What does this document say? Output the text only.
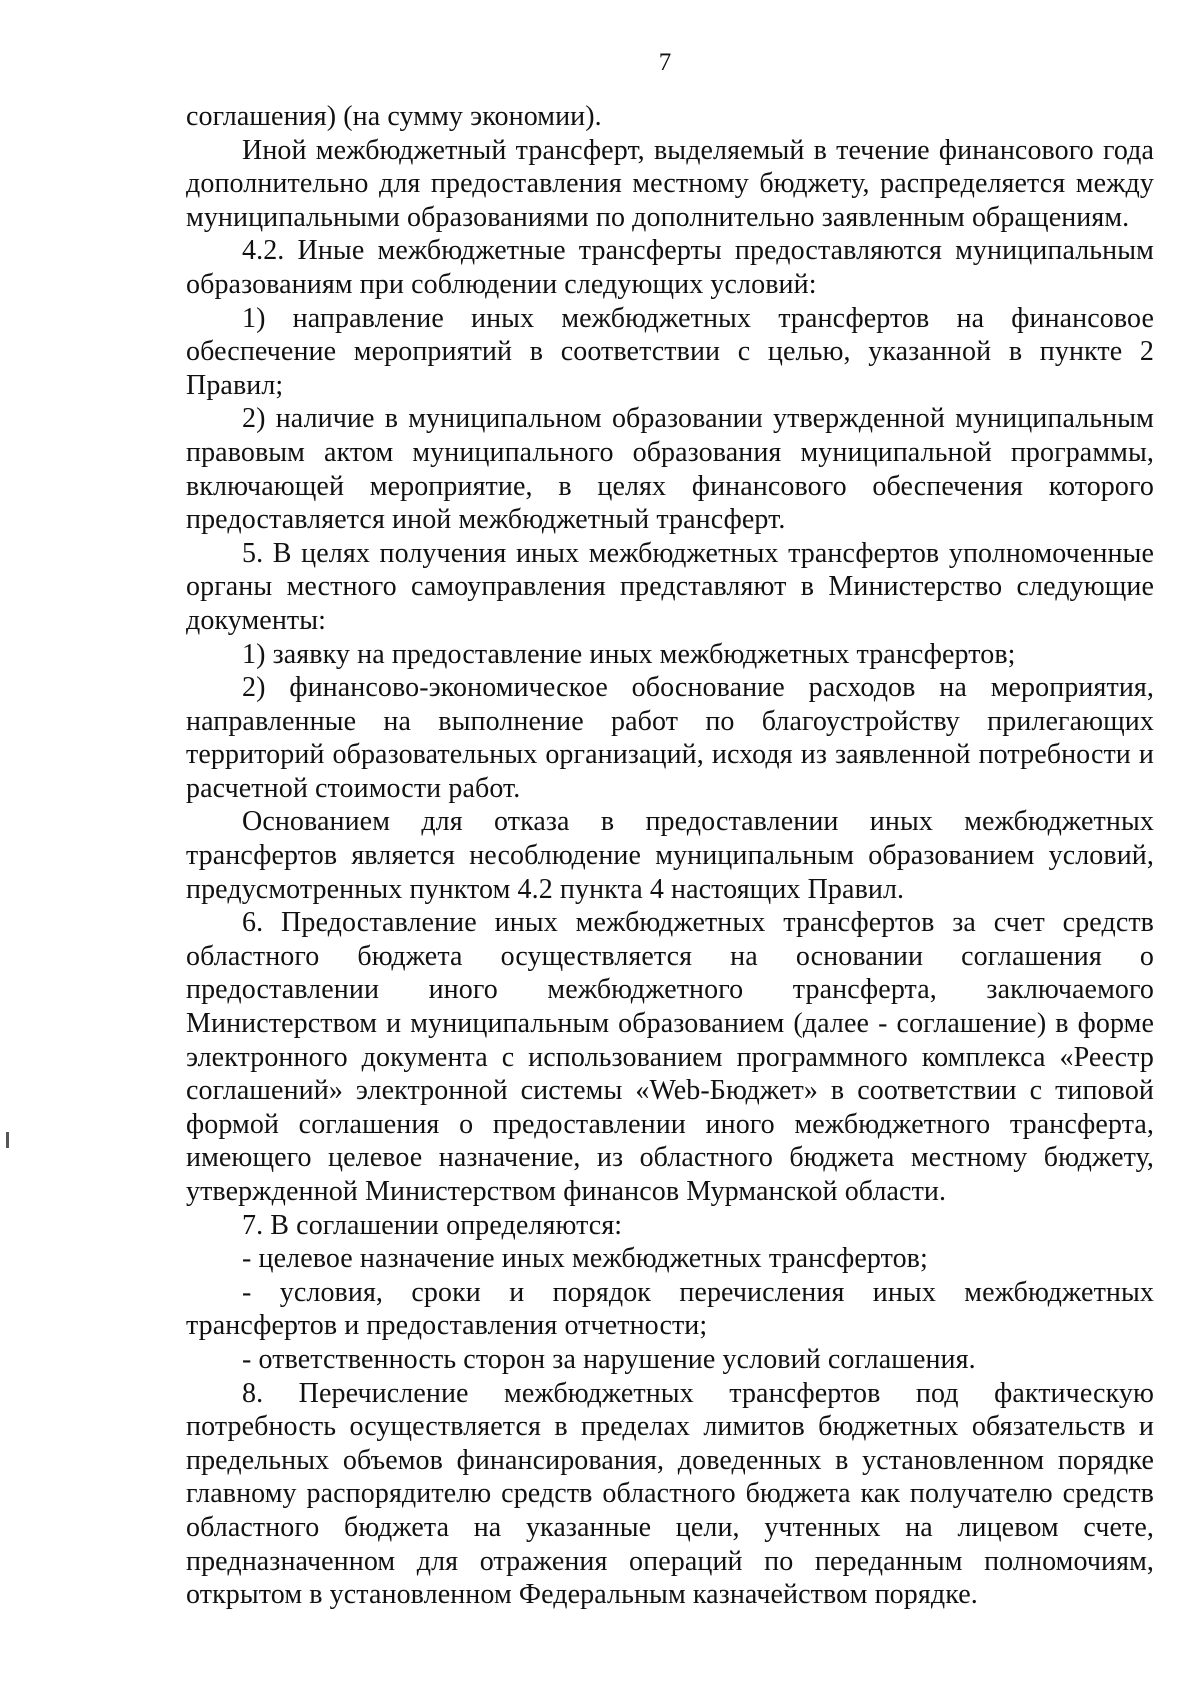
7

соглашения) (на сумму экономии).

Иной межбюджетный трансферт, выделяемый в течение финансового года дополнительно для предоставления местному бюджету, распределяется между муниципальными образованиями по дополнительно заявленным обращениям.

4.2. Иные межбюджетные трансферты предоставляются муниципальным образованиям при соблюдении следующих условий:

1) направление иных межбюджетных трансфертов на финансовое обеспечение мероприятий в соответствии с целью, указанной в пункте 2 Правил;

2) наличие в муниципальном образовании утвержденной муниципальным правовым актом муниципального образования муниципальной программы, включающей мероприятие, в целях финансового обеспечения которого предоставляется иной межбюджетный трансферт.

5. В целях получения иных межбюджетных трансфертов уполномоченные органы местного самоуправления представляют в Министерство следующие документы:

1) заявку на предоставление иных межбюджетных трансфертов;

2) финансово-экономическое обоснование расходов на мероприятия, направленные на выполнение работ по благоустройству прилегающих территорий образовательных организаций, исходя из заявленной потребности и расчетной стоимости работ.

Основанием для отказа в предоставлении иных межбюджетных трансфертов является несоблюдение муниципальным образованием условий, предусмотренных пунктом 4.2 пункта 4 настоящих Правил.

6. Предоставление иных межбюджетных трансфертов за счет средств областного бюджета осуществляется на основании соглашения о предоставлении иного межбюджетного трансферта, заключаемого Министерством и муниципальным образованием (далее - соглашение) в форме электронного документа с использованием программного комплекса «Реестр соглашений» электронной системы «Web-Бюджет» в соответствии с типовой формой соглашения о предоставлении иного межбюджетного трансферта, имеющего целевое назначение, из областного бюджета местному бюджету, утвержденной Министерством финансов Мурманской области.

7. В соглашении определяются:

- целевое назначение иных межбюджетных трансфертов;

- условия, сроки и порядок перечисления иных межбюджетных трансфертов и предоставления отчетности;

- ответственность сторон за нарушение условий соглашения.

8. Перечисление межбюджетных трансфертов под фактическую потребность осуществляется в пределах лимитов бюджетных обязательств и предельных объемов финансирования, доведенных в установленном порядке главному распорядителю средств областного бюджета как получателю средств областного бюджета на указанные цели, учтенных на лицевом счете, предназначенном для отражения операций по переданным полномочиям, открытом в установленном Федеральным казначейством порядке.
